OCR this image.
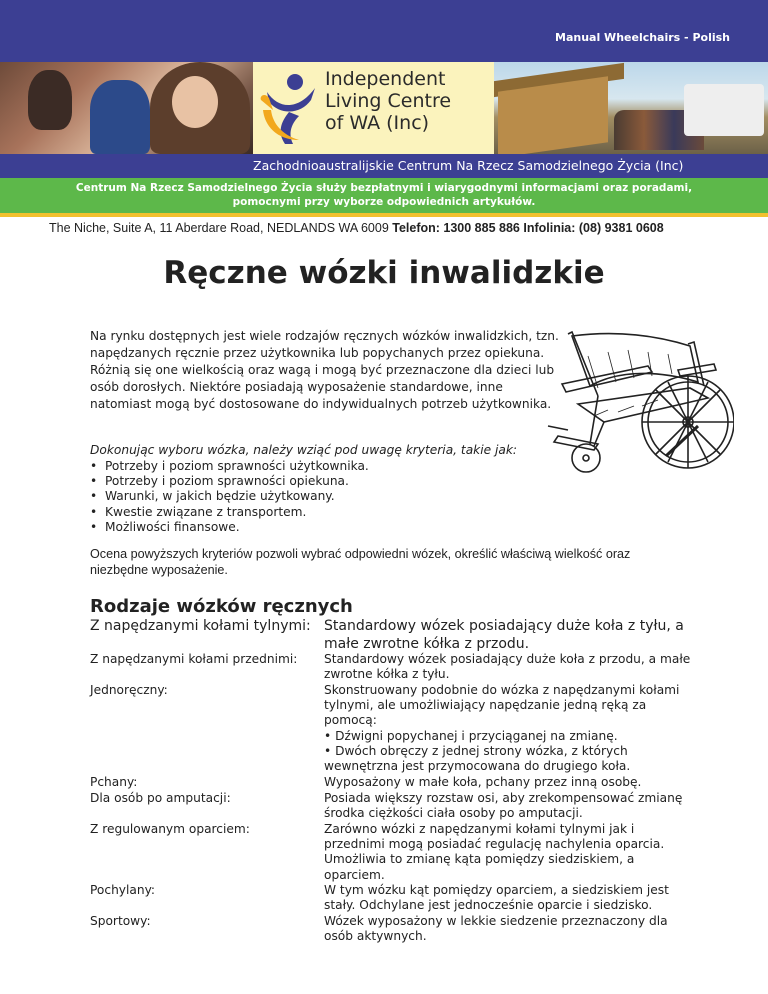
Manual Wheelchairs - Polish
Independent
Living Centre
of WA (Inc)
Zachodnioaustralijskie Centrum Na Rzecz Samodzielnego Życia (Inc)
Centrum Na Rzecz Samodzielnego Życia służy bezpłatnymi i wiarygodnymi informacjami oraz poradami,
pomocnymi przy wyborze odpowiednich artykułów.
The Niche, Suite A, 11 Aberdare Road, NEDLANDS WA 6009 Telefon: 1300 885 886 Infolinia: (08) 9381 0608
Ręczne wózki inwalidzkie

Na rynku dostępnych jest wiele rodzajów ręcznych wózków inwalidzkich, tzn. napędzanych ręcznie przez użytkownika lub popychanych przez opiekuna. Różnią się one wielkością oraz wagą i mogą być przeznaczone dla dzieci lub osób dorosłych. Niektóre posiadają wyposażenie standardowe, inne natomiast mogą być dostosowane do indywidualnych potrzeb użytkownika.

Dokonując wyboru wózka, należy wziąć pod uwagę kryteria, takie jak:

• Potrzeby i poziom sprawności użytkownika.
• Potrzeby i poziom sprawności opiekuna.
• Warunki, w jakich będzie użytkowany.
• Kwestie związane z transportem.
• Możliwości finansowe.

Ocena powyższych kryteriów pozwoli wybrać odpowiedni wózek, określić właściwą wielkość oraz niezbędne wyposażenie.

Rodzaje wózków ręcznych
Z napędzanymi kołami tylnymi: Standardowy wózek posiadający duże koła z tyłu, a małe zwrotne kółka z przodu.
Z napędzanymi kołami przednimi: Standardowy wózek posiadający duże koła z przodu, a małe zwrotne kółka z tyłu.
Jednoręczny:	Skonstruowany podobnie do wózka z napędzanymi kołami tylnymi, ale umożliwiający napędzanie jedną ręką za pomocą:
• Dźwigni popychanej i przyciąganej na zmianę.
• Dwóch obręczy z jednej strony wózka, z których wewnętrzna jest przymocowana do drugiego koła.
Pchany:	Wyposażony w małe koła, pchany przez inną osobę.
Dla osób po amputacji:	Posiada większy rozstaw osi, aby zrekompensować zmianę środka ciężkości ciała osoby po amputacji.
Z regulowanym oparciem:	Zarówno wózki z napędzanymi kołami tylnymi jak i przednimi mogą posiadać regulację nachylenia oparcia. Umożliwia to zmianę kąta pomiędzy siedziskiem, a oparciem.
Pochylany:	W tym wózku kąt pomiędzy oparciem, a siedziskiem jest stały. Odchylane jest jednocześnie oparcie i siedzisko.
Sportowy:	Wózek wyposażony w lekkie siedzenie przeznaczony dla osób aktywnych.
